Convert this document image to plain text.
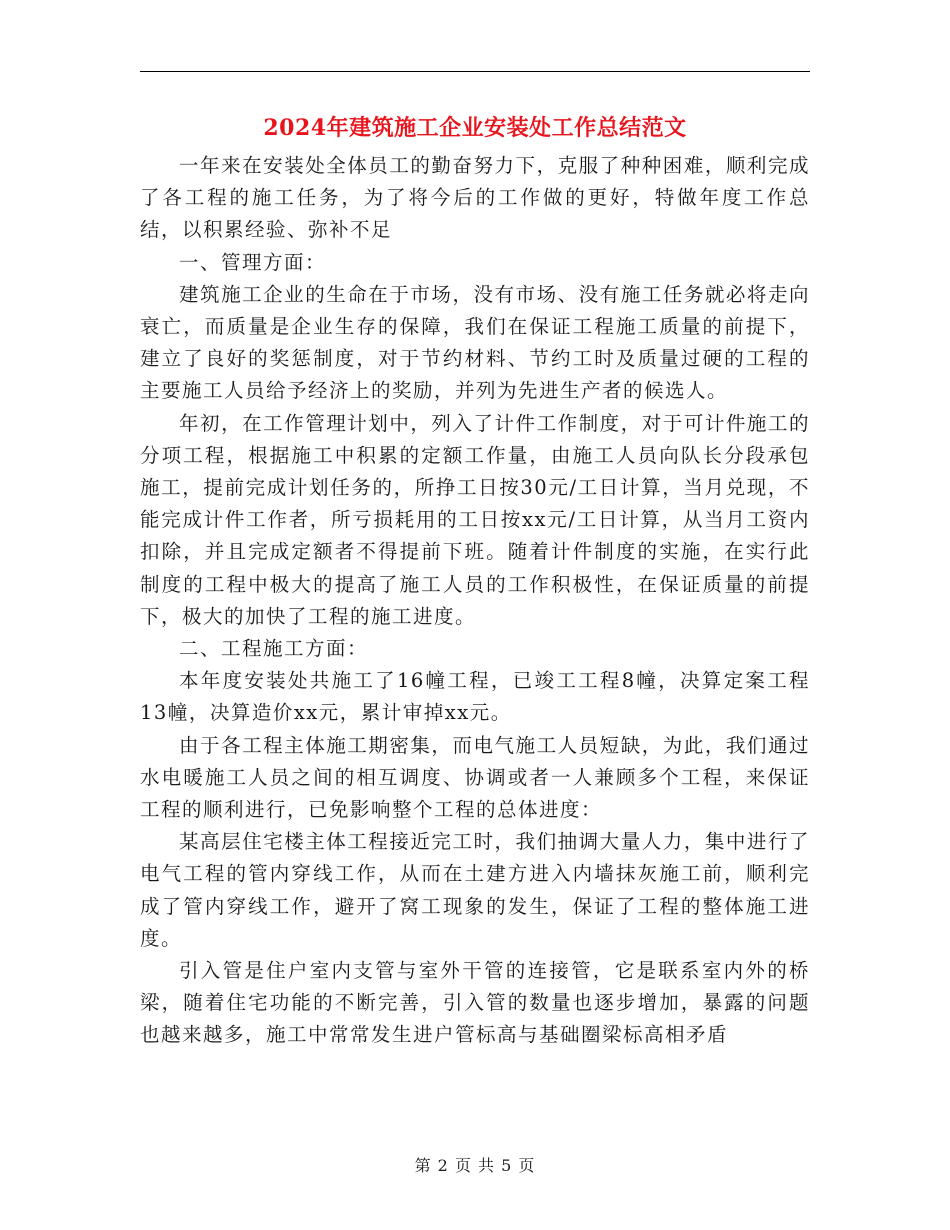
2024年建筑施工企业安装处工作总结范文

一年来在安装处全体员工的勤奋努力下，克服了种种困难，顺利完成了各工程的施工任务，为了将今后的工作做的更好，特做年度工作总结，以积累经验、弥补不足

一、管理方面：

建筑施工企业的生命在于市场，没有市场、没有施工任务就必将走向衰亡，而质量是企业生存的保障，我们在保证工程施工质量的前提下，建立了良好的奖惩制度，对于节约材料、节约工时及质量过硬的工程的主要施工人员给予经济上的奖励，并列为先进生产者的候选人。

年初，在工作管理计划中，列入了计件工作制度，对于可计件施工的分项工程，根据施工中积累的定额工作量，由施工人员向队长分段承包施工，提前完成计划任务的，所挣工日按30元/工日计算，当月兑现，不能完成计件工作者，所亏损耗用的工日按xx元/工日计算，从当月工资内扣除，并且完成定额者不得提前下班。随着计件制度的实施，在实行此制度的工程中极大的提高了施工人员的工作积极性，在保证质量的前提下，极大的加快了工程的施工进度。

二、工程施工方面：

本年度安装处共施工了16幢工程，已竣工工程8幢，决算定案工程13幢，决算造价xx元，累计审掉xx元。

由于各工程主体施工期密集，而电气施工人员短缺，为此，我们通过水电暖施工人员之间的相互调度、协调或者一人兼顾多个工程，来保证工程的顺利进行，已免影响整个工程的总体进度：

某高层住宅楼主体工程接近完工时，我们抽调大量人力，集中进行了电气工程的管内穿线工作，从而在土建方进入内墙抹灰施工前，顺利完成了管内穿线工作，避开了窝工现象的发生，保证了工程的整体施工进度。

引入管是住户室内支管与室外干管的连接管，它是联系室内外的桥梁，随着住宅功能的不断完善，引入管的数量也逐步增加，暴露的问题也越来越多，施工中常常发生进户管标高与基础圈梁标高相矛盾

第 2 页 共 5 页
